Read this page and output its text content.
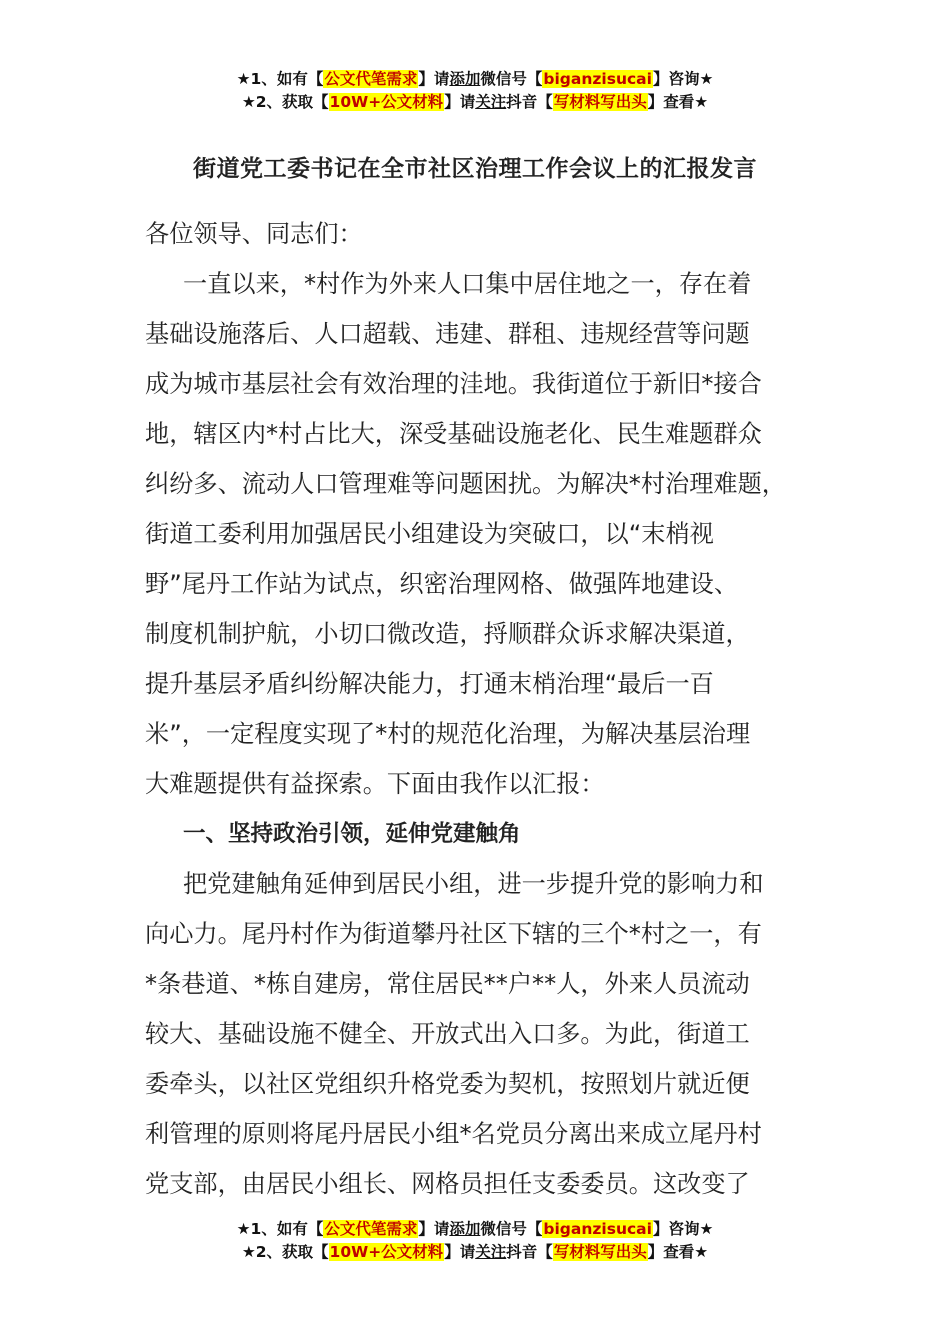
★1、如有【公文代笔需求】请添加微信号【biganzisucai】咨询★
★2、获取【10W+公文材料】请关注抖音【写材料写出头】查看★
街道党工委书记在全市社区治理工作会议上的汇报发言
各位领导、同志们：
一直以来，*村作为外来人口集中居住地之一，存在着
基础设施落后、人口超载、违建、群租、违规经营等问题
成为城市基层社会有效治理的洼地。我街道位于新旧*接合
地，辖区内*村占比大，深受基础设施老化、民生难题群众
纠纷多、流动人口管理难等问题困扰。为解决*村治理难题，
街道工委利用加强居民小组建设为突破口，以“末梢视
野”尾丹工作站为试点，织密治理网格、做强阵地建设、
制度机制护航，小切口微改造，捋顺群众诉求解决渠道，
提升基层矛盾纠纷解决能力，打通末梢治理“最后一百
米”，一定程度实现了*村的规范化治理，为解决基层治理
大难题提供有益探索。下面由我作以汇报：
一、坚持政治引领，延伸党建触角
把党建触角延伸到居民小组，进一步提升党的影响力和
向心力。尾丹村作为街道攀丹社区下辖的三个*村之一，有
*条巷道、*栋自建房，常住居民**户**人，外来人员流动
较大、基础设施不健全、开放式出入口多。为此，街道工
委牵头，以社区党组织升格党委为契机，按照划片就近便
利管理的原则将尾丹居民小组*名党员分离出来成立尾丹村
党支部，由居民小组长、网格员担任支委委员。这改变了
★1、如有【公文代笔需求】请添加微信号【biganzisucai】咨询★
★2、获取【10W+公文材料】请关注抖音【写材料写出头】查看★
